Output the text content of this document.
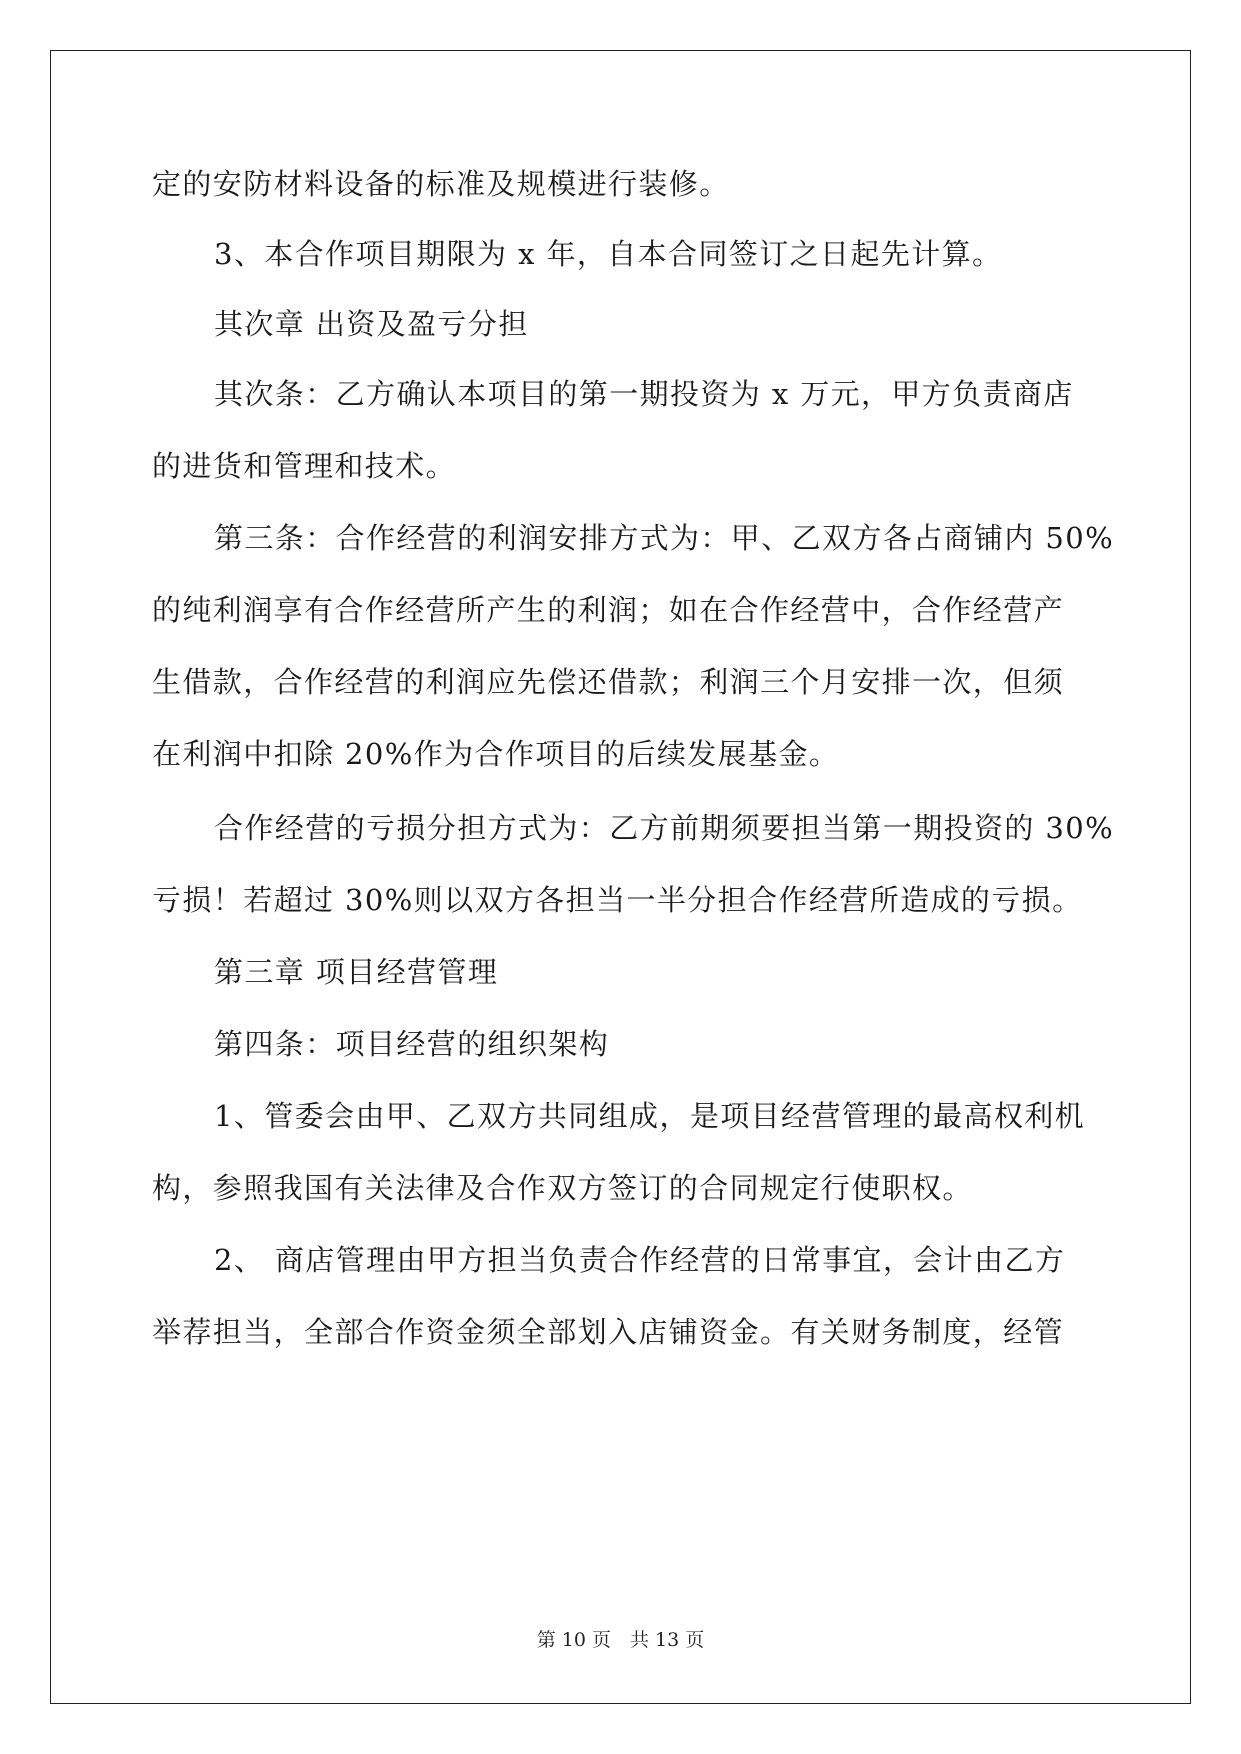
定的安防材料设备的标准及规模进行装修。
3、本合作项目期限为 x 年，自本合同签订之日起先计算。
其次章 出资及盈亏分担
其次条：乙方确认本项目的第一期投资为 x 万元，甲方负责商店
的进货和管理和技术。
第三条：合作经营的利润安排方式为：甲、乙双方各占商铺内 50%
的纯利润享有合作经营所产生的利润；如在合作经营中，合作经营产
生借款，合作经营的利润应先偿还借款；利润三个月安排一次，但须
在利润中扣除 20%作为合作项目的后续发展基金。
合作经营的亏损分担方式为：乙方前期须要担当第一期投资的 30%
亏损！若超过 30%则以双方各担当一半分担合作经营所造成的亏损。
第三章 项目经营管理
第四条：项目经营的组织架构
1、管委会由甲、乙双方共同组成，是项目经营管理的最高权利机
构，参照我国有关法律及合作双方签订的合同规定行使职权。
2、 商店管理由甲方担当负责合作经营的日常事宜，会计由乙方
举荐担当，全部合作资金须全部划入店铺资金。有关财务制度，经管
第 10 页　共 13 页
